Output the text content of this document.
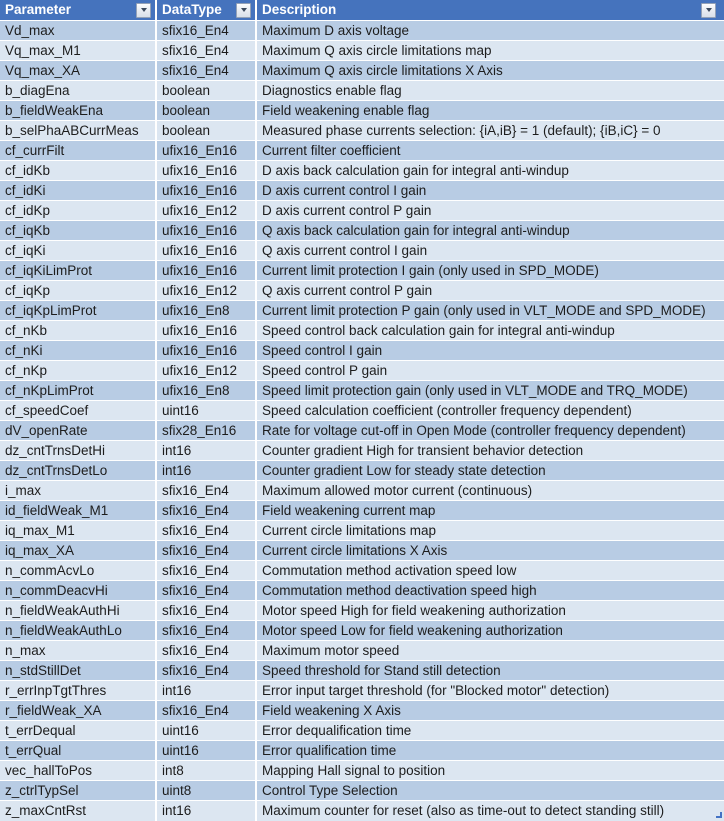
Parameter	DataType	Description
Vd_max	sfix16_En4	Maximum D axis voltage
Vq_max_M1	sfix16_En4	Maximum Q axis circle limitations map
Vq_max_XA	sfix16_En4	Maximum Q axis circle limitations X Axis
b_diagEna	boolean	Diagnostics enable flag
b_fieldWeakEna	boolean	Field weakening enable flag
b_selPhaABCurrMeas	boolean	Measured phase currents selection: {iA,iB} = 1 (default); {iB,iC} = 0
cf_currFilt	ufix16_En16	Current filter coefficient
cf_idKb	ufix16_En16	D axis back calculation gain for integral anti-windup
cf_idKi	ufix16_En16	D axis current control I gain
cf_idKp	ufix16_En12	D axis current control P gain
cf_iqKb	ufix16_En16	Q axis back calculation gain for integral anti-windup
cf_iqKi	ufix16_En16	Q axis current control I gain
cf_iqKiLimProt	ufix16_En16	Current limit protection I gain (only used in SPD_MODE)
cf_iqKp	ufix16_En12	Q axis current control P gain
cf_iqKpLimProt	ufix16_En8	Current limit protection P gain (only used in VLT_MODE and SPD_MODE)
cf_nKb	ufix16_En16	Speed control back calculation gain for integral anti-windup
cf_nKi	ufix16_En16	Speed control I gain
cf_nKp	ufix16_En12	Speed control P gain
cf_nKpLimProt	ufix16_En8	Speed limit protection gain (only used in VLT_MODE and TRQ_MODE)
cf_speedCoef	uint16	Speed calculation coefficient (controller frequency dependent)
dV_openRate	sfix28_En16	Rate for voltage cut-off in Open Mode (controller frequency dependent)
dz_cntTrnsDetHi	int16	Counter gradient High for transient behavior detection
dz_cntTrnsDetLo	int16	Counter gradient Low for steady state detection
i_max	sfix16_En4	Maximum allowed motor current (continuous)
id_fieldWeak_M1	sfix16_En4	Field weakening current map
iq_max_M1	sfix16_En4	Current circle limitations map
iq_max_XA	sfix16_En4	Current circle limitations X Axis
n_commAcvLo	sfix16_En4	Commutation method activation speed low
n_commDeacvHi	sfix16_En4	Commutation method deactivation speed high
n_fieldWeakAuthHi	sfix16_En4	Motor speed High for field weakening authorization
n_fieldWeakAuthLo	sfix16_En4	Motor speed Low for field weakening authorization
n_max	sfix16_En4	Maximum motor speed
n_stdStillDet	sfix16_En4	Speed threshold for Stand still detection
r_errInpTgtThres	int16	Error input target threshold (for "Blocked motor" detection)
r_fieldWeak_XA	sfix16_En4	Field weakening X Axis
t_errDequal	uint16	Error dequalification time
t_errQual	uint16	Error qualification time
vec_hallToPos	int8	Mapping Hall signal to position
z_ctrlTypSel	uint8	Control Type Selection
z_maxCntRst	int16	Maximum counter for reset (also as time-out to detect standing still)
